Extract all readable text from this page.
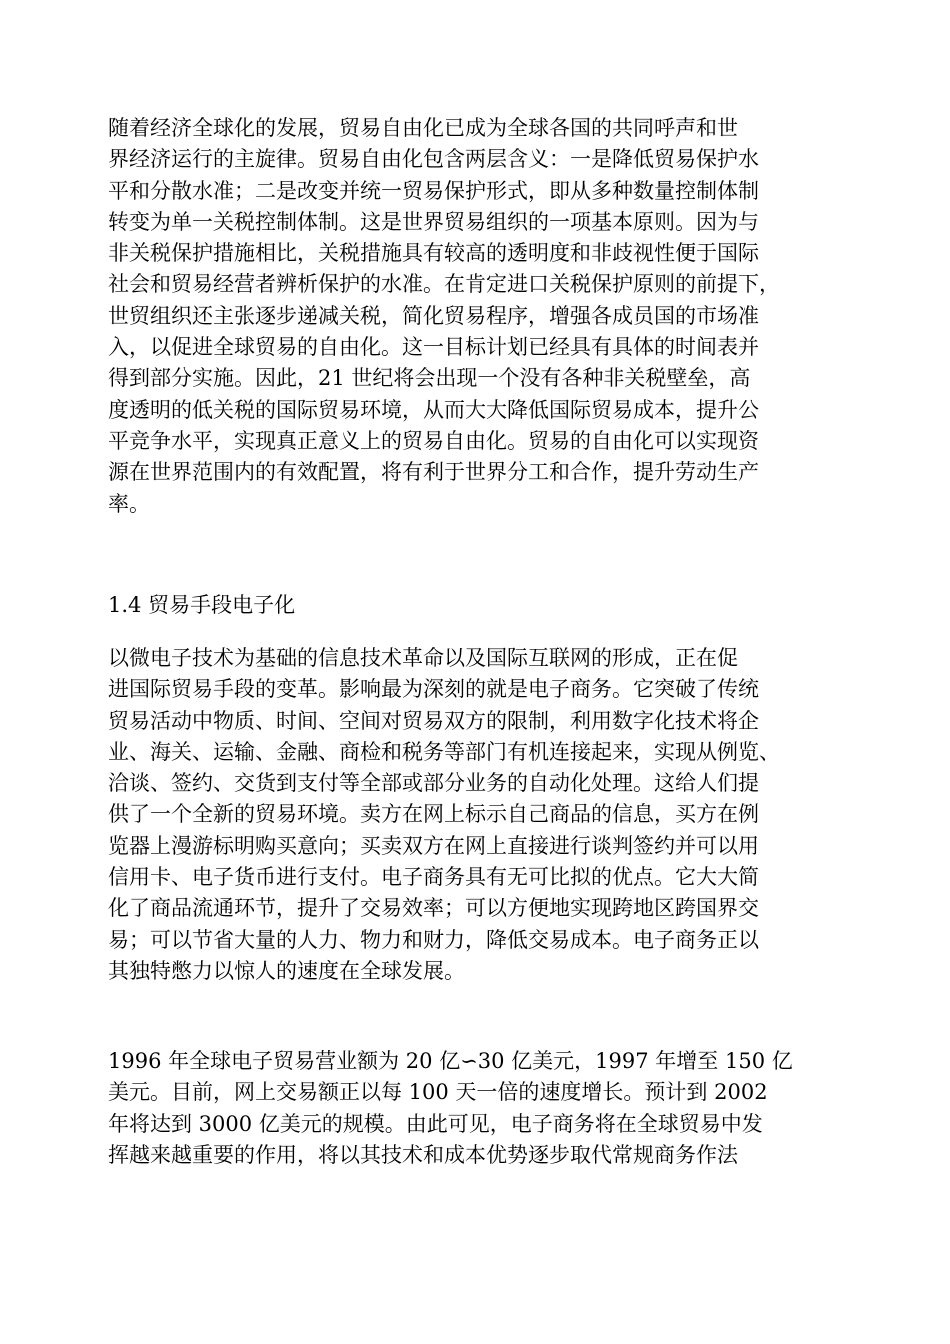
随着经济全球化的发展，贸易自由化已成为全球各国的共同呼声和世
界经济运行的主旋律。贸易自由化包含两层含义：一是降低贸易保护水
平和分散水准；二是改变并统一贸易保护形式，即从多种数量控制体制
转变为单一关税控制体制。这是世界贸易组织的一项基本原则。因为与
非关税保护措施相比，关税措施具有较高的透明度和非歧视性便于国际
社会和贸易经营者辨析保护的水准。在肯定进口关税保护原则的前提下，
世贸组织还主张逐步递减关税，简化贸易程序，增强各成员国的市场准
入，以促进全球贸易的自由化。这一目标计划已经具有具体的时间表并
得到部分实施。因此，21 世纪将会出现一个没有各种非关税壁垒，高
度透明的低关税的国际贸易环境，从而大大降低国际贸易成本，提升公
平竞争水平，实现真正意义上的贸易自由化。贸易的自由化可以实现资
源在世界范围内的有效配置，将有利于世界分工和合作，提升劳动生产
率。
1.4 贸易手段电子化
以微电子技术为基础的信息技术革命以及国际互联网的形成，正在促
进国际贸易手段的变革。影响最为深刻的就是电子商务。它突破了传统
贸易活动中物质、时间、空间对贸易双方的限制，利用数字化技术将企
业、海关、运输、金融、商检和税务等部门有机连接起来，实现从例览、
洽谈、签约、交货到支付等全部或部分业务的自动化处理。这给人们提
供了一个全新的贸易环境。卖方在网上标示自己商品的信息，买方在例
览器上漫游标明购买意向；买卖双方在网上直接进行谈判签约并可以用
信用卡、电子货币进行支付。电子商务具有无可比拟的优点。它大大简
化了商品流通环节，提升了交易效率；可以方便地实现跨地区跨国界交
易；可以节省大量的人力、物力和财力，降低交易成本。电子商务正以
其独特憋力以惊人的速度在全球发展。
1996 年全球电子贸易营业额为 20 亿∽30 亿美元，1997 年增至 150 亿
美元。目前，网上交易额正以每 100 天一倍的速度增长。预计到 2002
年将达到 3000 亿美元的规模。由此可见，电子商务将在全球贸易中发
挥越来越重要的作用，将以其技术和成本优势逐步取代常规商务作法
